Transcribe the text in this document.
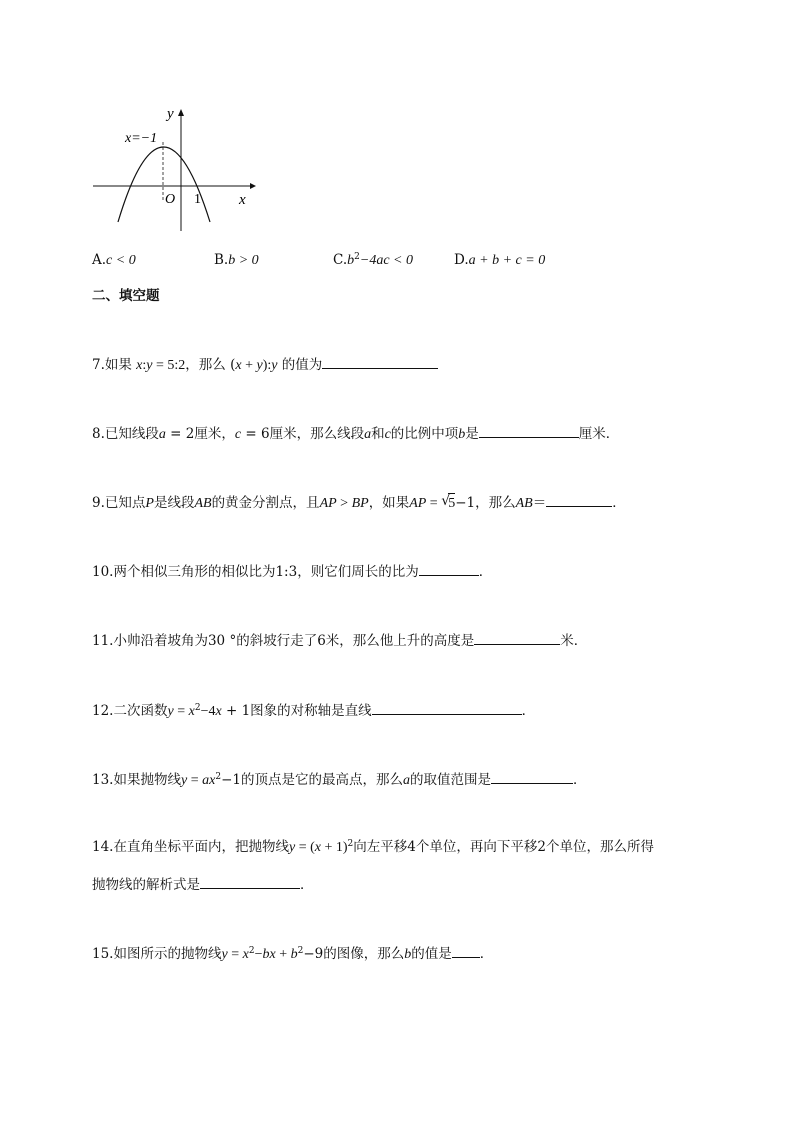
y
x=−1
O 1	x
A.c < 0	B.b > 0	$C.b^2-4ac < 0$	D.a + b + c = 0
二、填空题
7.如果 x:y = 5:2，那么 (x + y):y 的值为
8.已知线段a = 2厘米，c = 6厘米，那么线段a和c的比例中项b是	厘米．
9.已知点P是线段AB的黄金分割点，且AP > BP，如果AP = √
5−1，那么AB＝	．
10.两个相似三角形的相似比为1:3，则它们周长的比为	．
11.小帅沿着坡角为30 °的斜坡行走了6米，那么他上升的高度是	米．
12.二次函数$y = x^2-4x + 1$图象的对称轴是直线	．
13.如果抛物线$y = ax^2-1$的顶点是它的最高点，那么a的取值范围是	．
14.在直角坐标平面内，把抛物线$y = (x + 1)^2$向左平移4个单位，再向下平移2个单位，那么所得
抛物线的解析式是	．
15.如图所示的抛物线$y = x^2-bx + b^2-9$的图像，那么b的值是 ．
